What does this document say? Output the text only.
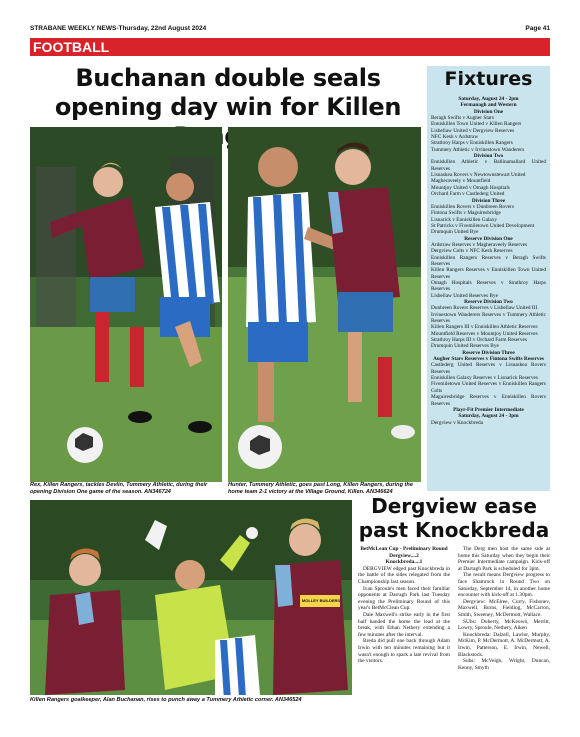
STRABANE WEEKLY NEWS-Thursday, 22nd August 2024	Page 41
FOOTBALL
Buchanan double seals opening day win for Killen
Rex, Killen Rangers, tackles Devlin, Tummery Athletic, during their opening Division One game of the season. AN346724
Hunter, Tummery Athletic, goes past Long, Killen Rangers, during the home team 2-1 victory at the Village Ground, Killen. AN346624
Fixtures
Saturday, August 24 - 2pm
Fermanagh and Western
Division One
Beragh Swifts v Augher Stars
Enniskillen Town United v Killen Rangers
Lisbellaw United v Dergview Reserves
NFC Kesh v Ardstraw
Strathroy Harps v Enniskillen Rangers
Tummery Athletic v Irvinestown Wanderers
Division Two
Enniskillen Athletic v Ballinamallard United Reserves
Lisnaskea Rovers v Newtownstewart United
Magheraveely v Mountfield
Mountjoy United v Omagh Hospitals
Orchard Farm v Castlederg United
Division Three
Enniskillen Rovers v Dunbreen Rovers
Fintona Swifts v Maguiresbridge
Lisnarick v Enniskillen Galaxy
St Patricks v Fivemiletown United Development
Drumquin United Bye
Reserve Division One
Ardstraw Reserves v Magheraveely Reserves
Dergview Colts v NFC Kesh Reserves
Enniskillen Rangers Reserves v Beragh Swifts Reserves
Killen Rangers Reserves v Enniskillen Town United Reserves
Omagh Hospitals Reserves v Strathroy Harps Reserves
Lisbellaw United Reserves Bye
Reserve Division Two
Dunbreen Rovers Reserves v Lisbellaw United III
Irvinestown Wanderers Reserves v Tummery Athletic Reserves
Killen Rangers III v Enniskillen Athletic Reserves
Mountfield Reserves v Mountjoy United Reserves
Strathroy Harps III v Orchard Farm Reserves
Drumquin United Reserves Bye
Reserve Division Three
Augher Stars Reserves v Fintona Swifts Reserves
Castlederg United Reserves v Lisnaskea Rovers Reserves
Enniskillen Galaxy Reserves v Lisnarick Reserves
Fivemiletown United Reserves v Enniskillen Rangers Colts
Maguiresbridge Reserves v Enniskillen Rovers Reserves
Playr-Fit Premier Intermediate
Saturday, August 24 - 3pm
Dergview v Knockbreda
MOLLEY BUILDERS
Killen Rangers goalkeeper, Alan Buchanan, rises to punch away a Tummery Athletic corner. AN346524
Dergview ease past Knockbreda

BetMcLean Cup - Preliminary Round

Dergview....2

Knockbreda....1

DERGVIEW edged past Knockbreda in the battle of the sides relegated from the Championship last season.

Ivan Sproule's men faced their familiar opponents at Darragh Park last Tuesday evening the Preliminary Round of this year's BetMcClean Cup.

Dale Maxwell's strike early in the first half handed the home the lead at the break, with Ethan Nethery extending a few minutes after the interval.

Breda did pull one back through Adam Irwin with ten minutes remaining but it wasn't enough to spark a late revival from the visitors.

The Derg men host the same side at home this Saturday when they begin their Premier Intermediate campaign. Kick-off at Darragh Park is scheduled for 3pm.

The result means Dergview progress to face Shamrock in Round Two on Saturday, September 14, in another home encounter with kick-off at 1.30pm.

Dergview: McElree, Curry, Fishonev, Maxwell, Burns, Fielding, McCarron, Smith, Sweeney, McDermott, Wallace.

SUbs: Doherty, McKeown, Merritt, Lowry, Sproule, Nethery, Aiken

Knockbreda: Dalzell, Lawlor, Murphy, McKim, P. McDermott, A. McDermott, A. Irwin, Patterson, E. Irwin, Newell, Blackstock.

Subs: McVeigh, Wright, Duncan, Kenny, Smyth
